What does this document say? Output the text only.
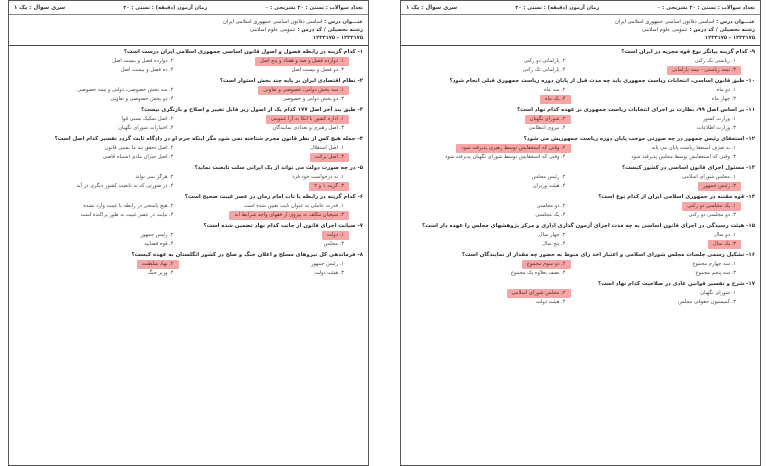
تعداد سوالات : تستی : ۲۰ تشریحی : ۰
زمان آزمون (دقیقه) : تستی : ۲۰
سری سوال : یک ۱
عنـــوان درس : اساسی دقانون اساسی جمهوری اسلامی ایران
رشته تحصیلی / کد درس : عمومی علوم اسلامی
۱۲۳۳۱۷۵ - ۱۲۳۳۱۷۵
۱- کدام گزینه در رابطه فصول و اصول قانون اساسی جمهوری اسلامی ایران درست است؟
۱. دوازده فصل و صد و هفتاد و پنج اصل
۲. دوازده فصل و بیست اصل
۳. دو فصل و بیست اصل
۴. ده فصل و بیست اصل
۲- نظام اقتصادی ایران بر پایه چند بخش استوار است؟
۱. سه بخش دولتی، خصوصی و تعاونی
۲. سه بخش خصوصی، دولتی و بیمه خصوصی
۳. دو بخش دولتی و خصوصی
۴. دو بخش خصوصی و تعاونی
۳- طبق بند آخر اصل ۱۷۷ کدام یک از اصول زیر قابل تغییر و اصلاح و بازنگری نیست؟
۱. اداره کشور با اتکا به آرا عمومی
۲. اصل تمکیک نسبی قوا
۳. اصل رهبری و تعدادی نمایندگان
۴. اختیارات شورای نگهبان
۴- جمله هیچ کس از نظر قانون مجرم شناخته نمی شود مگر اینکه جرم او در دادگاه ثابت گردد تفسیر کدام اصل است؟
۱. اصل استقلال
۲. اصل تحقق بند ما نسبی قانون
۳. اصل برائت
۴. اصل جبران مادی اشتباه قاضی
۵- در چه صورت دولت می تواند از یک ایرانی سلب تابعیت نماید؟
۱. به درخواست خود فرد
۲. هرگز نمی تواند
۳. گزینه ۱ و ۲
۴. در صورتی که به تابعیت کشور دیگری در آید
۶- کدام گزینه در رابطه با تاب امام زمان در عصر غیبت صحیح است؟
۱. قدرت عاملی به عنوان نایب تعیین شده است
۲. هیچ پاسخی در رابطه با غیبت وارد نشده
۳. شیعیان مکلف به پیروی از فقهای واجد شرایط اند
۴. نیابت در عصر غیبت به طور پراکنده است
۷- صیانت اجرای قانون از جانب کدام نهاد تضمین شده است؟
۱. دولت
۲. رئیس جمهور
۳. مجلس
۴. قوه قضاییه
۸- فرماندهی کل نیروهای مسلح و اعلان جنگ و صلح در کشور انگلستان به عهده کیست؟
۱. رئیس جمهور
۲. نهاد سلطنت
۳. هیئت دولت
۴. وزیر جنگ
تعداد سوالات : تستی : ۲۰ تشریحی : ۰
زمان آزمون (دقیقه) : تستی : ۲۰
سری سوال : یک ۱
عنـــوان درس : اساسی دقانون اساسی جمهوری اسلامی ایران
رشته تحصیلی / کد درس : عمومی علوم اسلامی
۱۲۳۳۱۷۵ - ۱۲۳۳۱۷۵
۹- کدام گزینه بیانگر نوع قوه مجریه در ایران است؟
۱. ریاستی تک رکنی
۲. پارلمانی دو رکنی
۳. نیمه ریاستی - نیمه پارلمانی
۴. پارلمانی تک رکنی
۱۰- طبق قانون اساسی، انتخابات ریاست جمهوری باید چه مدت قبل از پایان دوره ریاست جمهوری قبلی انجام شود؟
۱. دو ماه
۲. سه ماه
۳. چهار ماه
۴. یک ماه
۱۱- بر اساس اصل ۹۹، نظارت بر اجرای انتخابات ریاست جمهوری بر عهده کدام نهاد است؟
۱. وزارت کشور
۲. شورای نگهبان
۳. وزارت اطلاعات
۴. نیروی انتظامی
۱۲- استعفای رئیس جمهور در چه صورتی موجب پایان دوره ریاست جمهوریش می شود؟
۱. به صرف استعفا ریاست پایان می یابد
۲. وقتی که استعفایش توسط رهبری پذیرفته شود
۳. وقتی که استعفایش توسط مجلس پذیرفته شود
۴. وقتی که استعفایش توسط شورای نگهبان پذیرفته شود
۱۳- مسئول اجرای قانون اساسی در کشور کیست؟
۱. مجلس شورای اسلامی
۲. رئیس مجلس
۳. رئیس جمهور
۴. هیئت وزیران
۱۴- قوه مقننه در جمهوری اسلامی ایران از کدام نوع است؟
۱. یک مجلسی دو رکنی
۲. دو مجلسی
۳. دو مجلسی دو رکنی
۴. یک مجلسی
۱۵- هیئت رسیدگی در اجرای قانون اساسی به چه مدت اجرای آزمون گذاری اداری و مرکز پژوهشهای مجلس را عهده دار است؟
۱. دو سال
۲. چهار سال
۳. یک سال
۴. پنج سال
۱۶- تشکیل رسمی جلسات مجلس شورای اسلامی و اعتبار اخذ رای منوط به حضور چه مقدار از نمایندگان است؟
۱. سه چهارم مجموع
۲. دو سوم مجموع
۳. سه پنجم مجموع
۴. نصف بعلاوه یک مجموع
۱۷- شرح و تفسیر قوانین عادی در صلاحیت کدام نهاد است؟
۱. شورای نگهبان
۲. مجلس شورای اسلامی
۳. کمیسیون حقوقی مجلس
۴. هیئت دولت
